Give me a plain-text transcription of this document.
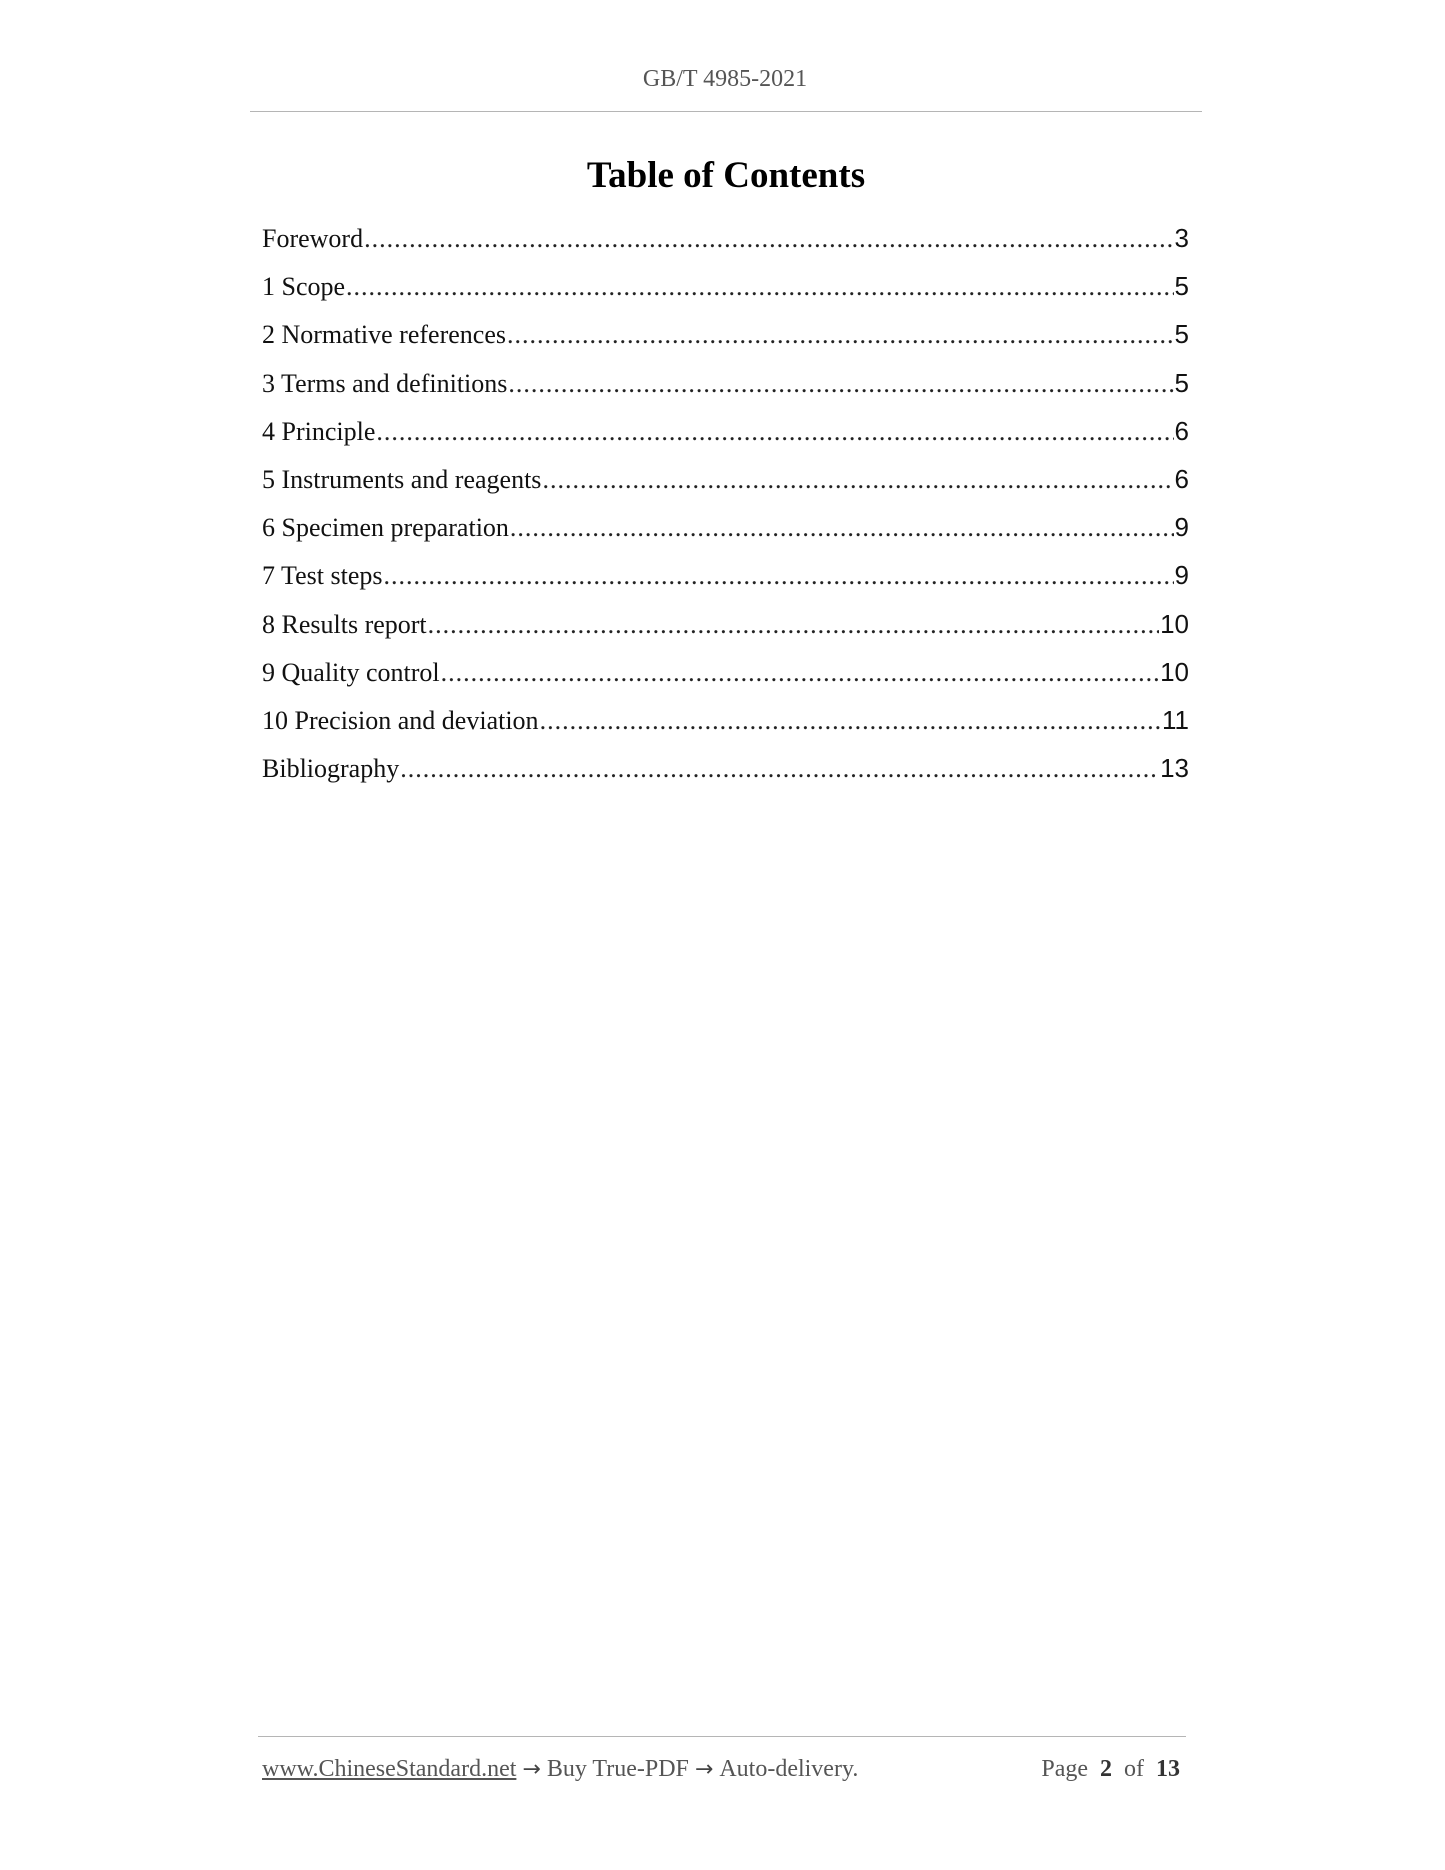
GB/T 4985-2021
Table of Contents
Foreword .....	3
1 Scope .....	5
2 Normative references .....	5
3 Terms and definitions .....	5
4 Principle .....	6
5 Instruments and reagents .....	6
6 Specimen preparation .....	9
7 Test steps .....	9
8 Results report .....	10
9 Quality control .....	10
10 Precision and deviation .....	11
Bibliography .....	13
www.ChineseStandard.net → Buy True-PDF → Auto-delivery.	Page 2 of 13
